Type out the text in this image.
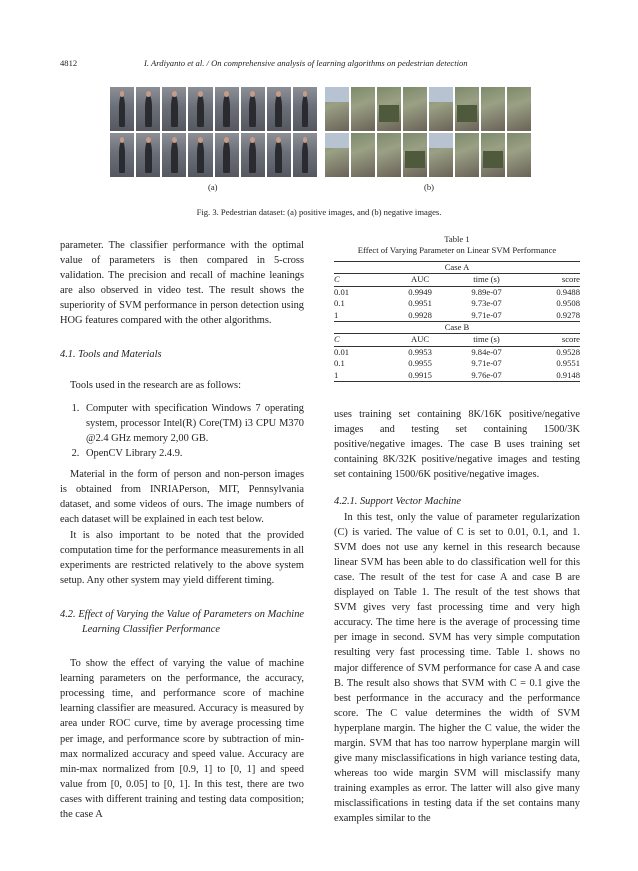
4812	I. Ardiyanto et al. / On comprehensive analysis of learning algorithms on pedestrian detection
(a)	(b)
Fig. 3. Pedestrian dataset: (a) positive images, and (b) negative images.

parameter. The classifier performance with the optimal value of parameters is then compared in 5-cross validation. The precision and recall of machine leanings are also observed in video test. The result shows the superiority of SVM performance in person detection using HOG features compared with the other algorithms.

4.1. Tools and Materials

Tools used in the research are as follows:

1. Computer with specification Windows 7 operating system, processor Intel(R) Core(TM) i3 CPU M370 @2.4 GHz memory 2,00 GB.
2. OpenCV Library 2.4.9.

Material in the form of person and non-person images is obtained from INRIAPerson, MIT, Pennsylvania dataset, and some videos of ours. The image numbers of each dataset will be explained in each test below.

It is also important to be noted that the provided computation time for the performance measurements in all experiments are restricted relatively to the above system setup. Any other system may yield different timing.

4.2. Effect of Varying the Value of Parameters on Machine Learning Classifier Performance

To show the effect of varying the value of machine learning parameters on the performance, the accuracy, processing time, and performance score of machine learning classifier are measured. Accuracy is measured by area under ROC curve, time by average processing time per image, and performance score by subtraction of min-max normalized accuracy and speed value. Accuracy are min-max normalized from [0.9, 1] to [0, 1] and speed value from [0, 0.05] to [0, 1]. In this test, there are two cases with different training and testing data composition; the case A

Table 1
Effect of Varying Parameter on Linear SVM Performance
Case A			
C	AUC	time (s)	score
0.01	0.9949	9.89e-07	0.9488
0.1	0.9951	9.73e-07	0.9508
1	0.9928	9.71e-07	0.9278
Case B			
C	AUC	time (s)	score
0.01	0.9953	9.84e-07	0.9528
0.1	0.9955	9.71e-07	0.9551
1	0.9915	9.76e-07	0.9148

uses training set containing 8K/16K positive/negative images and testing set containing 1500/3K positive/negative images. The case B uses training set containing 8K/32K positive/negative images and testing set containing 1500/6K positive/negative images.

4.2.1. Support Vector Machine

In this test, only the value of parameter regularization (C) is varied. The value of C is set to 0.01, 0.1, and 1. SVM does not use any kernel in this research because linear SVM has been able to do classification well for this case. The result of the test for case A and case B are displayed on Table 1. The result of the test shows that SVM gives very fast processing time and very high accuracy. The time here is the average of processing time per image in second. SVM has very simple computation resulting very fast processing time. Table 1. shows no major difference of SVM performance for case A and case B. The result also shows that SVM with C = 0.1 give the best performance in the accuracy and the performance score. The C value determines the width of SVM hyperplane margin. The higher the C value, the wider the margin. SVM that has too narrow hyperplane margin will give many misclassifications in high variance testing data, whereas too wide margin SVM will misclassify many training examples as error. The latter will also give many misclassifications in testing data if the set contains many examples similar to the
